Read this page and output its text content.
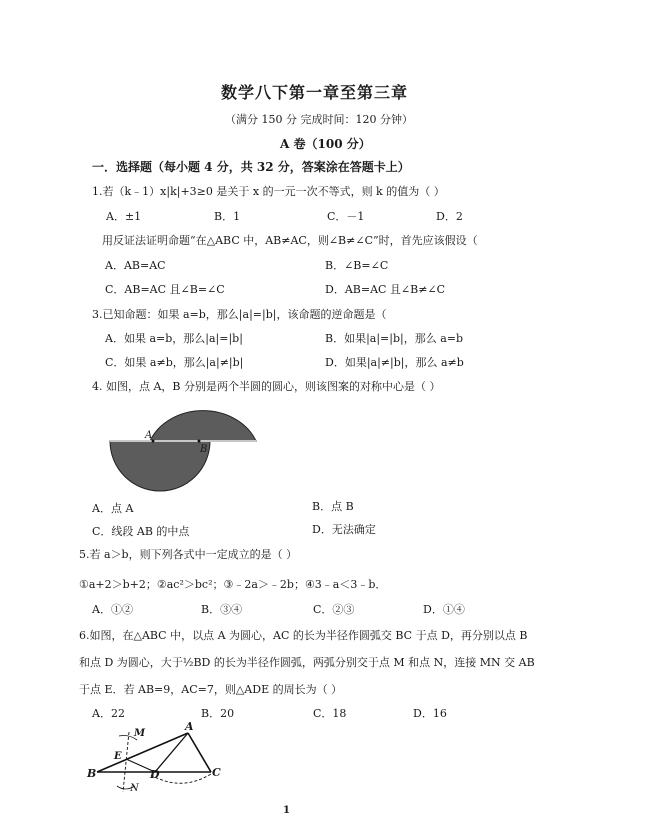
数学八下第一章至第三章
（满分 150 分 完成时间：120 分钟）
A 卷（100 分）
一．选择题（每小题 4 分，共 32 分，答案涂在答题卡上）
1.若（k﹣1）x|k|+3≥0 是关于 x 的一元一次不等式，则 k 的值为（ ）
A．±1	B．1	C．－1	D．2
用反证法证明命题“在△ABC 中，AB≠AC，则∠B≠∠C”时，首先应该假设（
A．AB=AC	B．∠B=∠C
C．AB=AC 且∠B=∠C	D．AB=AC 且∠B≠∠C
3.已知命题：如果 a=b，那么|a|=|b|，该命题的逆命题是（
A．如果 a=b，那么|a|=|b|	B．如果|a|=|b|，那么 a=b
C．如果 a≠b，那么|a|≠|b|	D．如果|a|≠|b|，那么 a≠b
4. 如图，点 A，B 分别是两个半圆的圆心，则该图案的对称中心是（ ）
A
B
A．点 A	B．点 B
C．线段 AB 的中点	D．无法确定
5.若 a＞b，则下列各式中一定成立的是（ ）
①a+2＞b+2；②ac²＞bc²；③﹣2a＞﹣2b；④3﹣a＜3﹣b．
A．①②	B．③④	C．②③	D．①④
6.如图，在△ABC 中，以点 A 为圆心，AC 的长为半径作圆弧交 BC 于点 D，再分别以点 B
和点 D 为圆心，大于½BD 的长为半径作圆弧，两弧分别交于点 M 和点 N，连接 MN 交 AB
于点 E．若 AB=9，AC=7，则△ADE 的周长为（ ）
A．22	B．20	C．18	D．16
M
A
E
B	D	C
N
1
